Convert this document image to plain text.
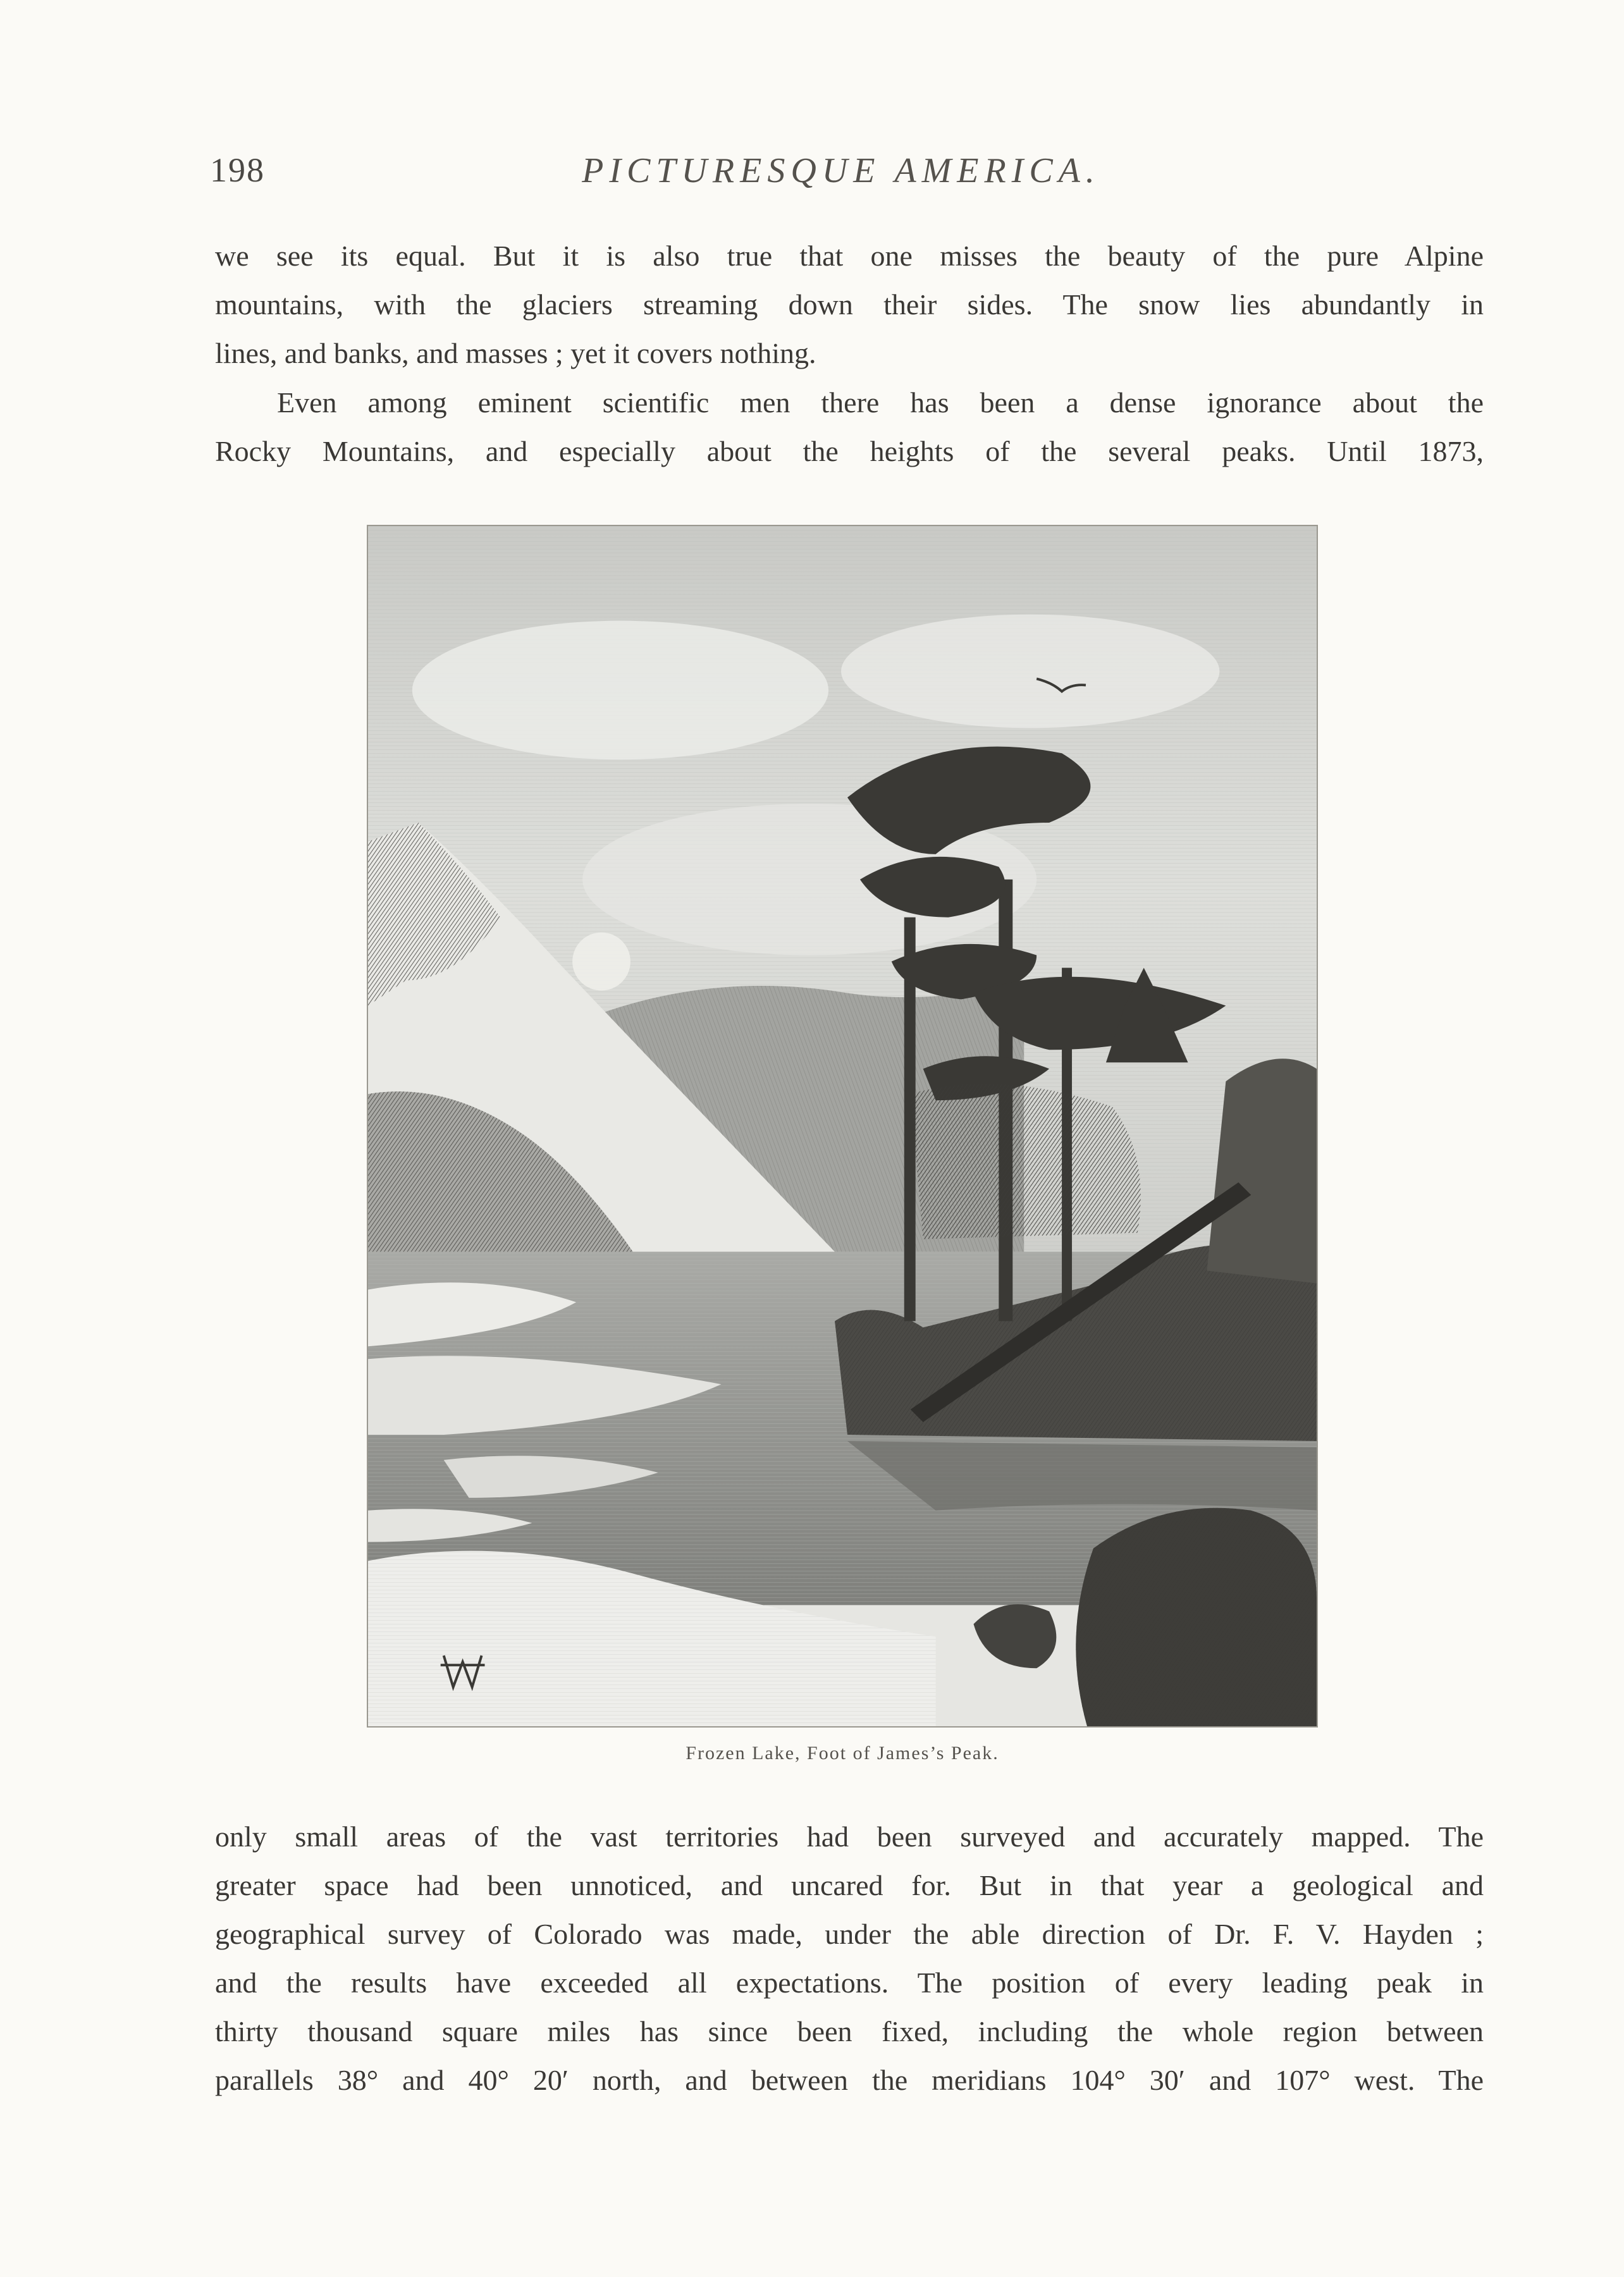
198	PICTURESQUE AMERICA.
we see its equal. But it is also true that one misses the beauty of the pure Alpine
mountains, with the glaciers streaming down their sides. The snow lies abundantly in
lines, and banks, and masses ; yet it covers nothing.
Even among eminent scientific men there has been a dense ignorance about the
Rocky Mountains, and especially about the heights of the several peaks. Until 1873,
Frozen Lake, Foot of James’s Peak.
only small areas of the vast territories had been surveyed and accurately mapped. The
greater space had been unnoticed, and uncared for. But in that year a geological and
geographical survey of Colorado was made, under the able direction of Dr. F. V. Hayden ;
and the results have exceeded all expectations. The position of every leading peak in
thirty thousand square miles has since been fixed, including the whole region between
parallels 38° and 40° 20′ north, and between the meridians 104° 30′ and 107° west. The
